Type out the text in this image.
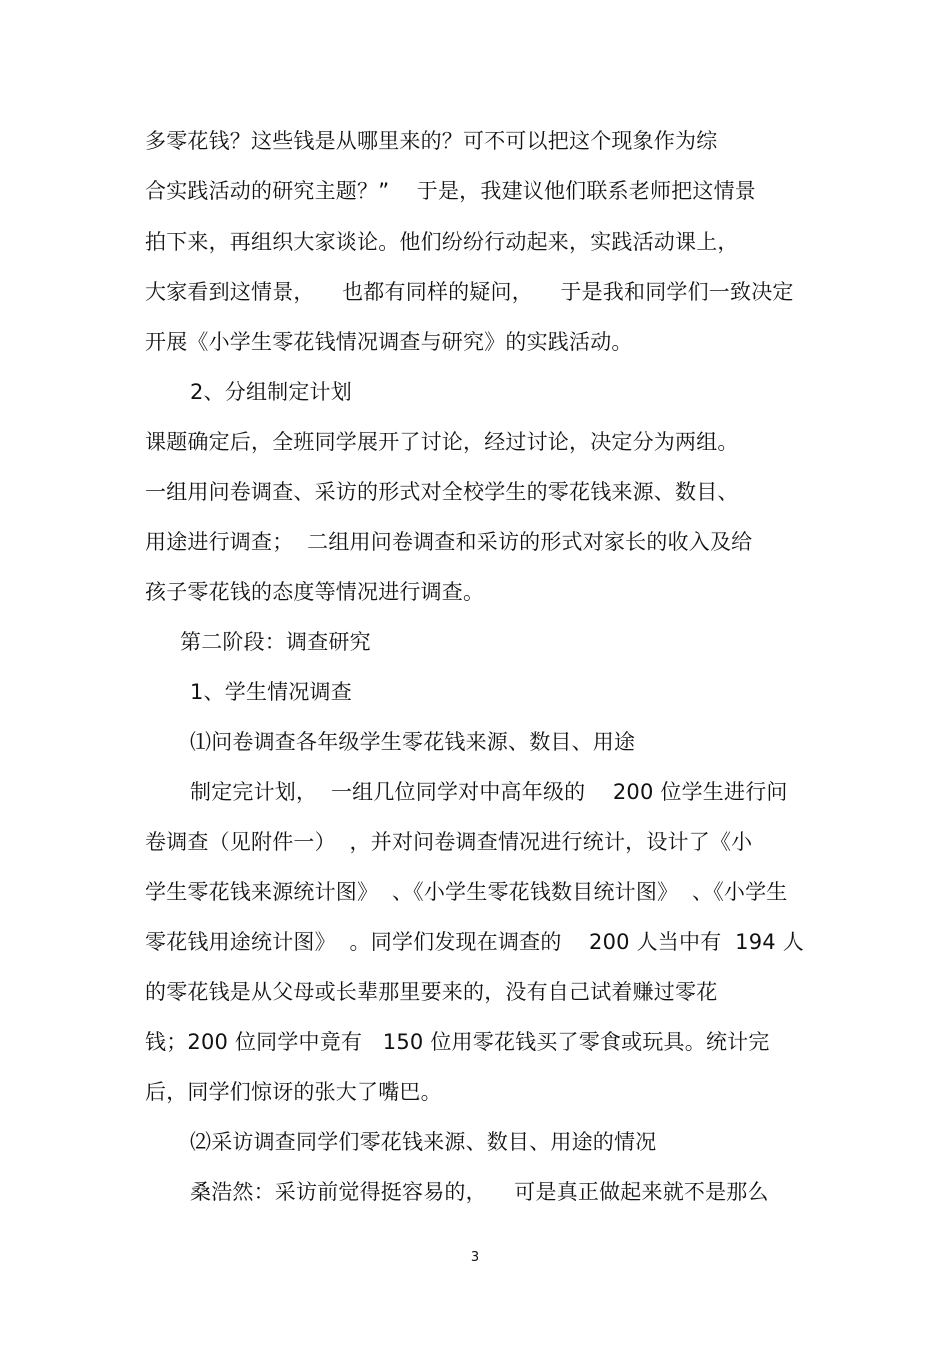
多零花钱？这些钱是从哪里来的？可不可以把这个现象作为综
合实践活动的研究主题？”    于是，我建议他们联系老师把这情景
拍下来，再组织大家谈论。他们纷纷行动起来，实践活动课上，
大家看到这情景，    也都有同样的疑问，    于是我和同学们一致决定
开展《小学生零花钱情况调查与研究》的实践活动。
2、分组制定计划
课题确定后，全班同学展开了讨论，经过讨论，决定分为两组。
一组用问卷调查、采访的形式对全校学生的零花钱来源、数目、
用途进行调查；  二组用问卷调查和采访的形式对家长的收入及给
孩子零花钱的态度等情况进行调查。
第二阶段：调查研究
1、学生情况调查
⑴问卷调查各年级学生零花钱来源、数目、用途
制定完计划，  一组几位同学对中高年级的    200 位学生进行问
卷调查（见附件一）  ，并对问卷调查情况进行统计，设计了《小
学生零花钱来源统计图》  、《小学生零花钱数目统计图》  、《小学生
零花钱用途统计图》  。同学们发现在调查的    200 人当中有  194 人
的零花钱是从父母或长辈那里要来的，没有自己试着赚过零花
钱；200 位同学中竟有   150 位用零花钱买了零食或玩具。统计完
后，同学们惊讶的张大了嘴巴。
⑵采访调查同学们零花钱来源、数目、用途的情况
桑浩然：采访前觉得挺容易的，    可是真正做起来就不是那么
3
